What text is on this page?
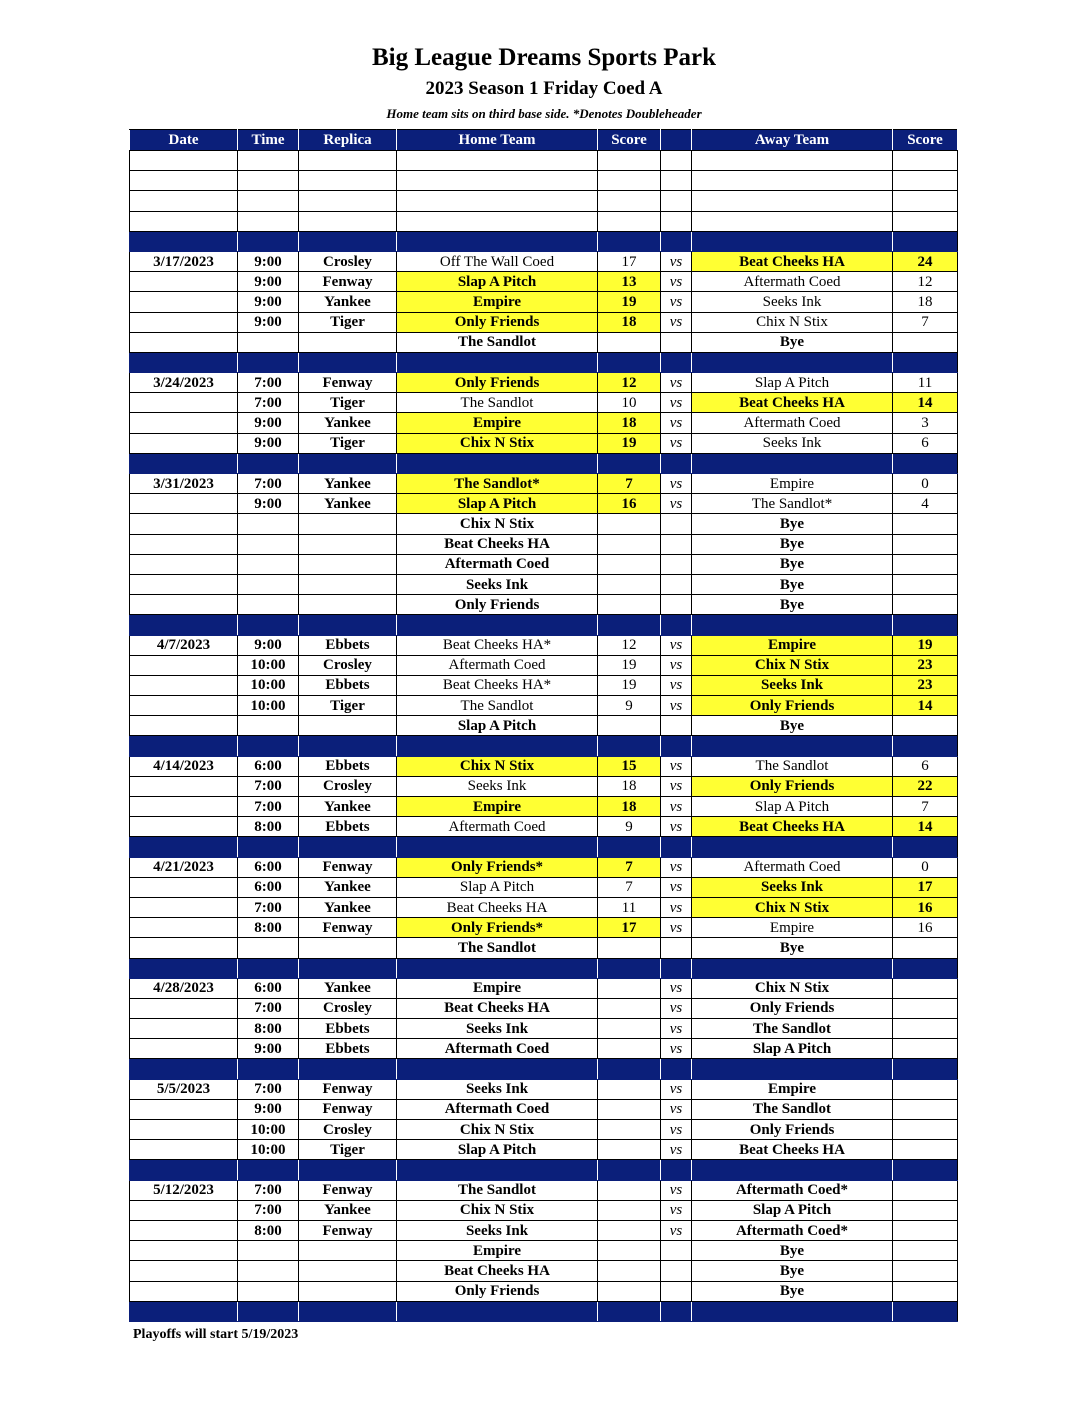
Big League Dreams Sports Park
2023 Season 1 Friday Coed A
Home team sits on third base side. *Denotes Doubleheader
Date	Time	Replica	Home Team	Score		Away Team	Score

3/17/2023	9:00	Crosley	Off The Wall Coed	17	vs	Beat Cheeks HA	24
	9:00	Fenway	Slap A Pitch	13	vs	Aftermath Coed	12
	9:00	Yankee	Empire	19	vs	Seeks Ink	18
	9:00	Tiger	Only Friends	18	vs	Chix N Stix	7
			The Sandlot			Bye	

3/24/2023	7:00	Fenway	Only Friends	12	vs	Slap A Pitch	11
	7:00	Tiger	The Sandlot	10	vs	Beat Cheeks HA	14
	9:00	Yankee	Empire	18	vs	Aftermath Coed	3
	9:00	Tiger	Chix N Stix	19	vs	Seeks Ink	6

3/31/2023	7:00	Yankee	The Sandlot*	7	vs	Empire	0
	9:00	Yankee	Slap A Pitch	16	vs	The Sandlot*	4
			Chix N Stix			Bye	
			Beat Cheeks HA			Bye	
			Aftermath Coed			Bye	
			Seeks Ink			Bye	
			Only Friends			Bye	

4/7/2023	9:00	Ebbets	Beat Cheeks HA*	12	vs	Empire	19
	10:00	Crosley	Aftermath Coed	19	vs	Chix N Stix	23
	10:00	Ebbets	Beat Cheeks HA*	19	vs	Seeks Ink	23
	10:00	Tiger	The Sandlot	9	vs	Only Friends	14
			Slap A Pitch			Bye	

4/14/2023	6:00	Ebbets	Chix N Stix	15	vs	The Sandlot	6
	7:00	Crosley	Seeks Ink	18	vs	Only Friends	22
	7:00	Yankee	Empire	18	vs	Slap A Pitch	7
	8:00	Ebbets	Aftermath Coed	9	vs	Beat Cheeks HA	14

4/21/2023	6:00	Fenway	Only Friends*	7	vs	Aftermath Coed	0
	6:00	Yankee	Slap A Pitch	7	vs	Seeks Ink	17
	7:00	Yankee	Beat Cheeks HA	11	vs	Chix N Stix	16
	8:00	Fenway	Only Friends*	17	vs	Empire	16
			The Sandlot			Bye	

4/28/2023	6:00	Yankee	Empire		vs	Chix N Stix	
	7:00	Crosley	Beat Cheeks HA		vs	Only Friends	
	8:00	Ebbets	Seeks Ink		vs	The Sandlot	
	9:00	Ebbets	Aftermath Coed		vs	Slap A Pitch	

5/5/2023	7:00	Fenway	Seeks Ink		vs	Empire	
	9:00	Fenway	Aftermath Coed		vs	The Sandlot	
	10:00	Crosley	Chix N Stix		vs	Only Friends	
	10:00	Tiger	Slap A Pitch		vs	Beat Cheeks HA	

5/12/2023	7:00	Fenway	The Sandlot		vs	Aftermath Coed*	
	7:00	Yankee	Chix N Stix		vs	Slap A Pitch	
	8:00	Fenway	Seeks Ink		vs	Aftermath Coed*	
			Empire			Bye	
			Beat Cheeks HA			Bye	
			Only Friends			Bye	

Playoffs will start 5/19/2023
